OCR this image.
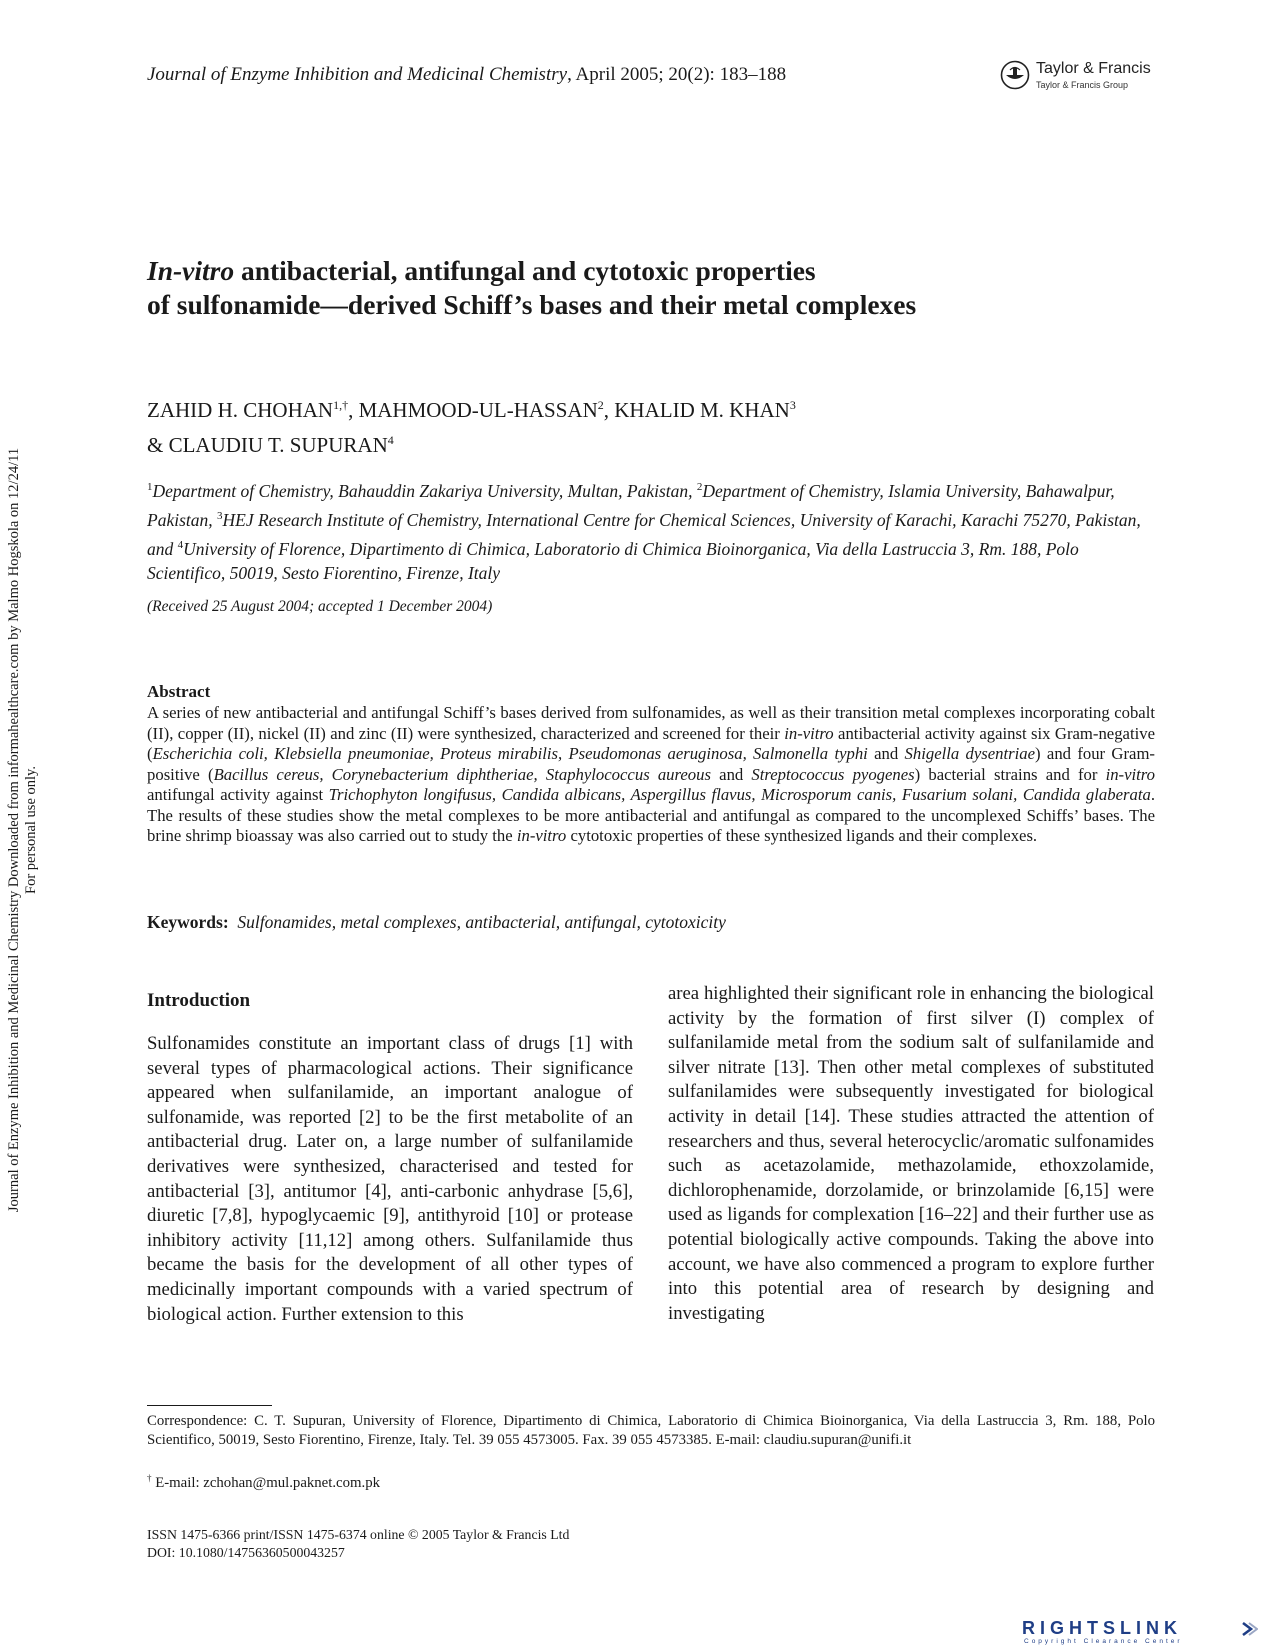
Journal of Enzyme Inhibition and Medicinal Chemistry, April 2005; 20(2): 183–188	Taylor & Francis
Taylor & Francis Group
Journal of Enzyme Inhibition and Medicinal Chemistry Downloaded from informahealthcare.com by Malmo Hogskola on 12/24/11 For personal use only.
In-vitro antibacterial, antifungal and cytotoxic properties
of sulfonamide—derived Schiff’s bases and their metal complexes
ZAHID H. $CHOHAN^{1,\dagger}$, MAHMOOD-UL-HASSAN$^2$, KHALID M. KHAN$^3$
& CLAUDIU T. SUPURAN$^4$
$^1$Department of Chemistry, Bahauddin Zakariya University, Multan, Pakistan, $^2$Department of Chemistry, Islamia University, Bahawalpur, Pakistan, $^3$HEJ Research Institute of Chemistry, International Centre for Chemical Sciences, University of Karachi, Karachi 75270, Pakistan, and $^4$University of Florence, Dipartimento di Chimica, Laboratorio di Chimica Bioinorganica, Via della Lastruccia 3, Rm. 188, Polo Scientifico, 50019, Sesto Fiorentino, Firenze, Italy
(Received 25 August 2004; accepted 1 December 2004)
Abstract
A series of new antibacterial and antifungal Schiff’s bases derived from sulfonamides, as well as their transition metal complexes incorporating cobalt (II), copper (II), nickel (II) and zinc (II) were synthesized, characterized and screened for their in-vitro antibacterial activity against six Gram-negative (Escherichia coli, Klebsiella pneumoniae, Proteus mirabilis, Pseudomonas aeruginosa, Salmonella typhi and Shigella dysentriae) and four Gram-positive (Bacillus cereus, Corynebacterium diphtheriae, Staphylococcus aureous and Streptococcus pyogenes) bacterial strains and for in-vitro antifungal activity against Trichophyton longifusus, Candida albicans, Aspergillus flavus, Microsporum canis, Fusarium solani, Candida glaberata. The results of these studies show the metal complexes to be more antibacterial and antifungal as compared to the uncomplexed Schiffs’ bases. The brine shrimp bioassay was also carried out to study the in-vitro cytotoxic properties of these synthesized ligands and their complexes.
Keywords: Sulfonamides, metal complexes, antibacterial, antifungal, cytotoxicity
Introduction
Sulfonamides constitute an important class of drugs [1] with several types of pharmacological actions. Their significance appeared when sulfanilamide, an important analogue of sulfonamide, was reported [2] to be the first metabolite of an antibacterial drug. Later on, a large number of sulfanilamide derivatives were synthesized, characterised and tested for antibacterial [3], antitumor [4], anti-carbonic anhydrase [5,6], diuretic [7,8], hypoglycaemic [9], antithyroid [10] or protease inhibitory activity [11,12] among others. Sulfanilamide thus became the basis for the development of all other types of medicinally important compounds with a varied spectrum of biological action. Further extension to this
area highlighted their significant role in enhancing the biological activity by the formation of first silver (I) complex of sulfanilamide metal from the sodium salt of sulfanilamide and silver nitrate [13]. Then other metal complexes of substituted sulfanilamides were subsequently investigated for biological activity in detail [14]. These studies attracted the attention of researchers and thus, several heterocyclic/aromatic sulfonamides such as acetazolamide, methazolamide, ethoxzolamide, dichlorophenamide, dorzolamide, or brinzolamide [6,15] were used as ligands for complexation [16–22] and their further use as potential biologically active compounds. Taking the above into account, we have also commenced a program to explore further into this potential area of research by designing and investigating
Correspondence: C. T. Supuran, University of Florence, Dipartimento di Chimica, Laboratorio di Chimica Bioinorganica, Via della Lastruccia 3, Rm. 188, Polo Scientifico, 50019, Sesto Fiorentino, Firenze, Italy. Tel. 39 055 4573005. Fax. 39 055 4573385. E-mail: claudiu.supuran@unifi.it
† E-mail: zchohan@mul.paknet.com.pk
ISSN 1475-6366 print/ISSN 1475-6374 online © 2005 Taylor & Francis Ltd
DOI: 10.1080/14756360500043257
RIGHTSLINK
Copyright Clearance Center
